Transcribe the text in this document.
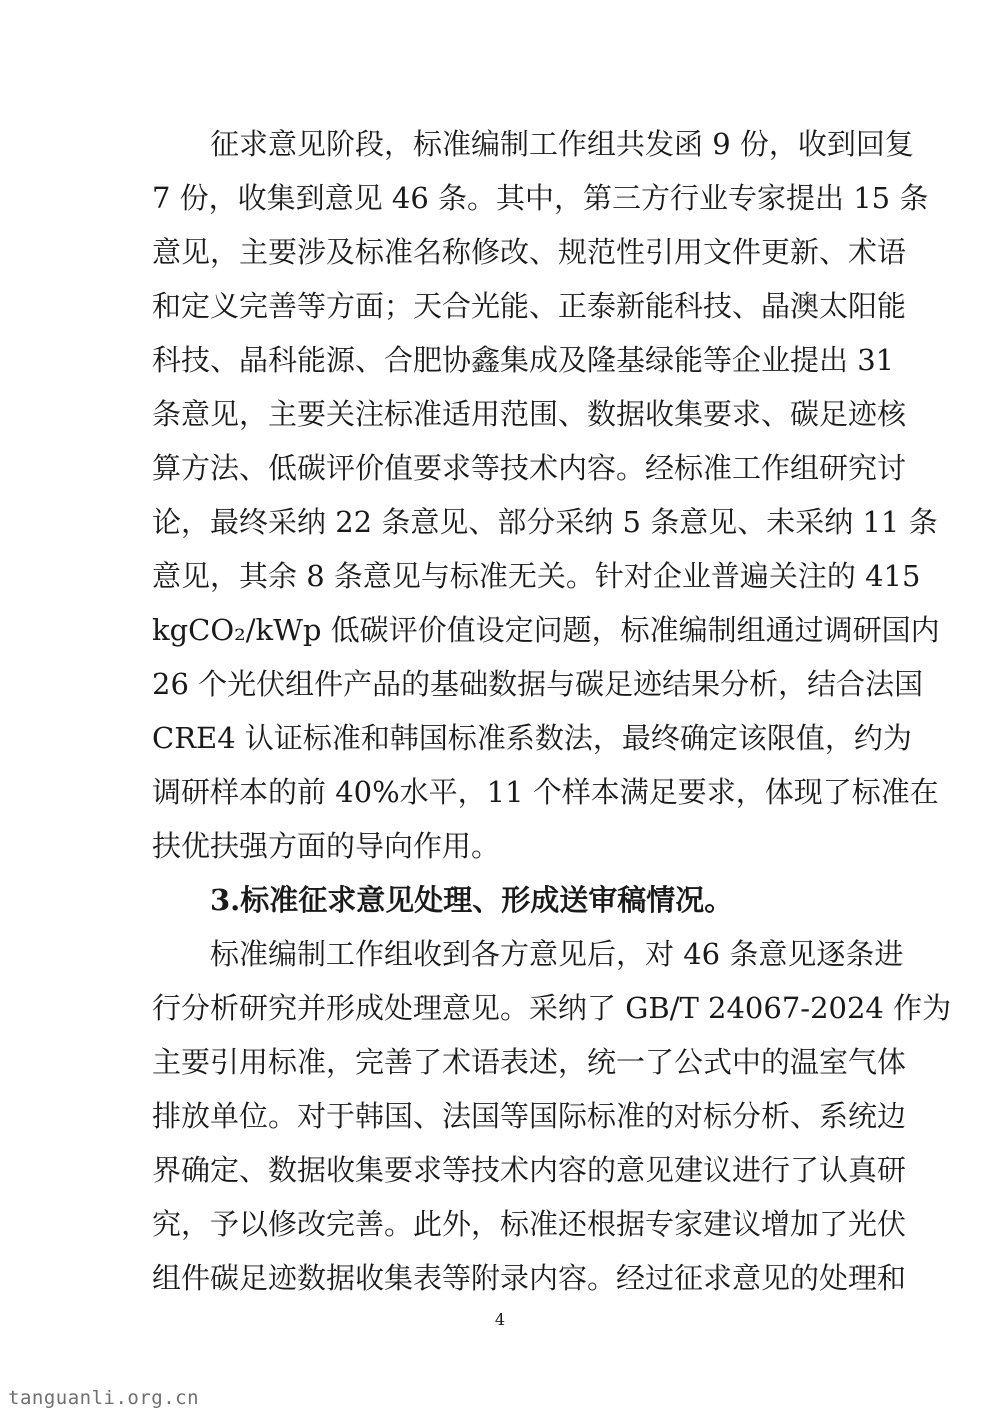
征求意见阶段，标准编制工作组共发函 9 份，收到回复
7 份，收集到意见 46 条。其中，第三方行业专家提出 15 条
意见，主要涉及标准名称修改、规范性引用文件更新、术语
和定义完善等方面；天合光能、正泰新能科技、晶澳太阳能
科技、晶科能源、合肥协鑫集成及隆基绿能等企业提出 31
条意见，主要关注标准适用范围、数据收集要求、碳足迹核
算方法、低碳评价值要求等技术内容。经标准工作组研究讨
论，最终采纳 22 条意见、部分采纳 5 条意见、未采纳 11 条
意见，其余 8 条意见与标准无关。针对企业普遍关注的 415
kgCO₂/kWp 低碳评价值设定问题，标准编制组通过调研国内
26 个光伏组件产品的基础数据与碳足迹结果分析，结合法国
CRE4 认证标准和韩国标准系数法，最终确定该限值，约为
调研样本的前 40%水平，11 个样本满足要求，体现了标准在
扶优扶强方面的导向作用。
3.标准征求意见处理、形成送审稿情况。
标准编制工作组收到各方意见后，对 46 条意见逐条进
行分析研究并形成处理意见。采纳了 GB/T 24067-2024 作为
主要引用标准，完善了术语表述，统一了公式中的温室气体
排放单位。对于韩国、法国等国际标准的对标分析、系统边
界确定、数据收集要求等技术内容的意见建议进行了认真研
究，予以修改完善。此外，标准还根据专家建议增加了光伏
组件碳足迹数据收集表等附录内容。经过征求意见的处理和
4
tanguanli.org.cn
